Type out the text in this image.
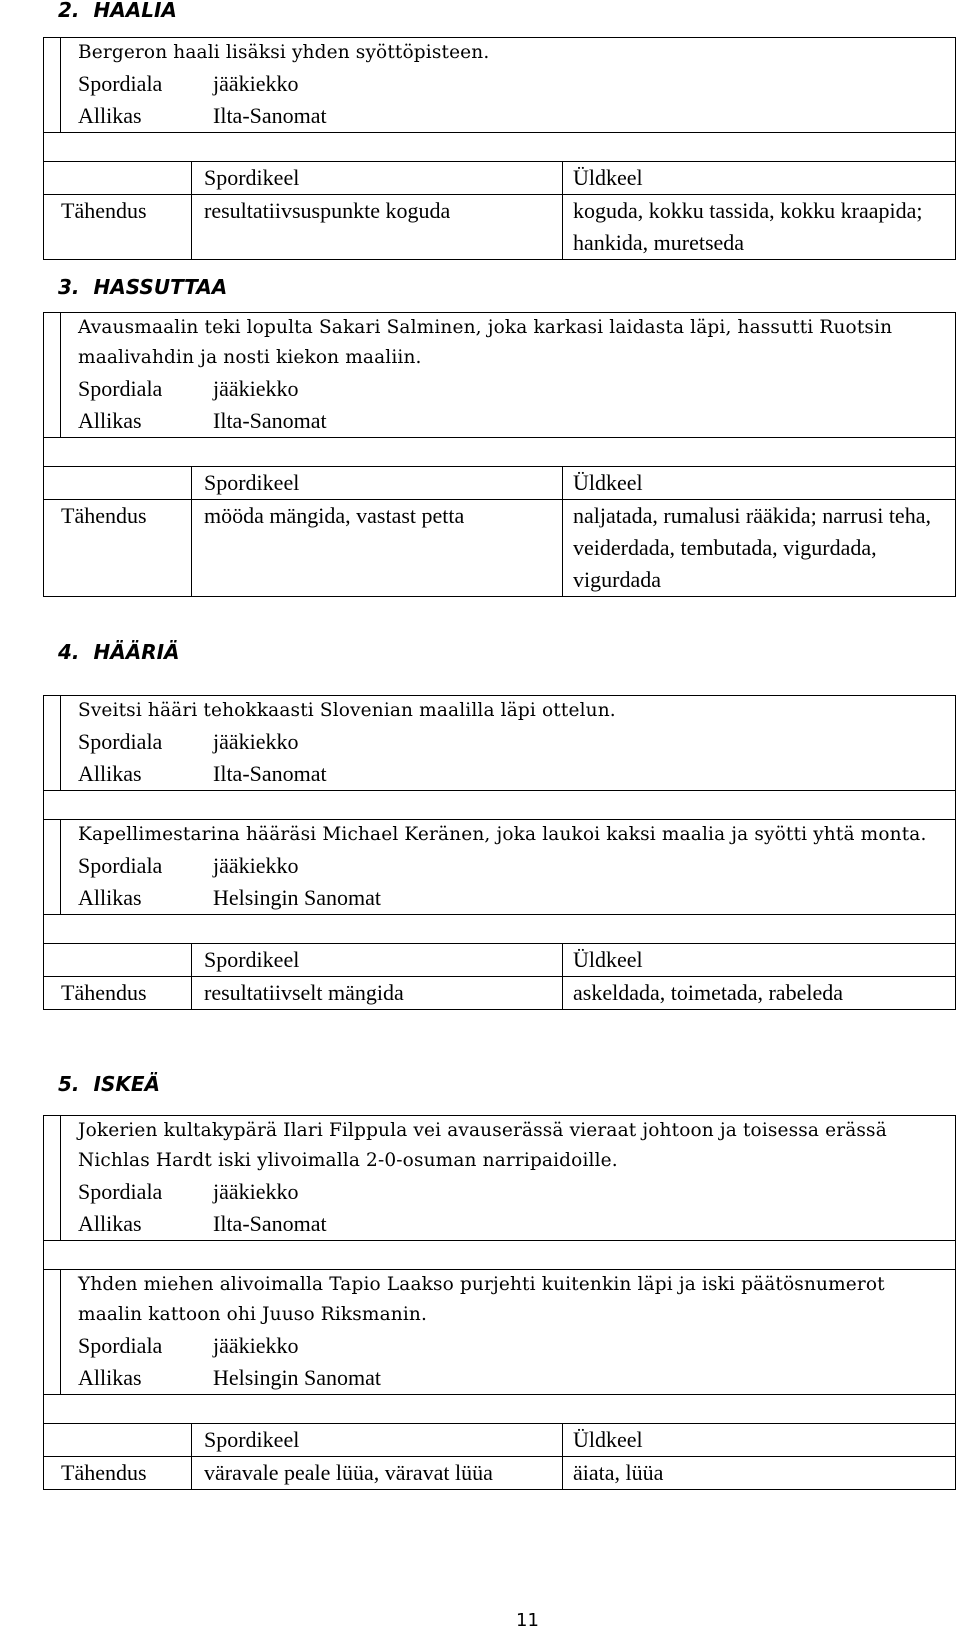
2. HAALIA

	Bergeron haali lisäksi yhden syöttöpisteen.
Spordiala jääkiekko
Allikas Ilta-Sanomat		

		Spordikeel	Üldkeel
Tähendus		resultatiivsuspunkte koguda	koguda, kokku tassida, kokku kraapida; hankida, muretseda
3. HASSUTTAA

	Avausmaalin teki lopulta Sakari Salminen, joka karkasi laidasta läpi, hassutti Ruotsin maalivahdin ja nosti kiekon maaliin.
Spordiala jääkiekko
Allikas Ilta-Sanomat		

		Spordikeel	Üldkeel
Tähendus		mööda mängida, vastast petta	naljatada, rumalusi rääkida; narrusi teha, veiderdada, tembutada, vigurdada, vigurdada
4. HÄÄRIÄ

	Sveitsi hääri tehokkaasti Slovenian maalilla läpi ottelun.
Spordiala jääkiekko
Allikas Ilta-Sanomat		

	Kapellimestarina hääräsi Michael Keränen, joka laukoi kaksi maalia ja syötti yhtä monta.
Spordiala jääkiekko
Allikas Helsingin Sanomat		

		Spordikeel	Üldkeel
Tähendus		resultatiivselt mängida	askeldada, toimetada, rabeleda
5. ISKEÄ

	Jokerien kultakypärä Ilari Filppula vei avauserässä vieraat johtoon ja toisessa erässä Nichlas Hardt iski ylivoimalla 2-0-osuman narripaidoille.
Spordiala jääkiekko
Allikas Ilta-Sanomat		

	Yhden miehen alivoimalla Tapio Laakso purjehti kuitenkin läpi ja iski päätösnumerot maalin kattoon ohi Juuso Riksmanin.
Spordiala jääkiekko
Allikas Helsingin Sanomat		

		Spordikeel	Üldkeel
Tähendus		väravale peale lüüa, väravat lüüa	äiata, lüüa
11
